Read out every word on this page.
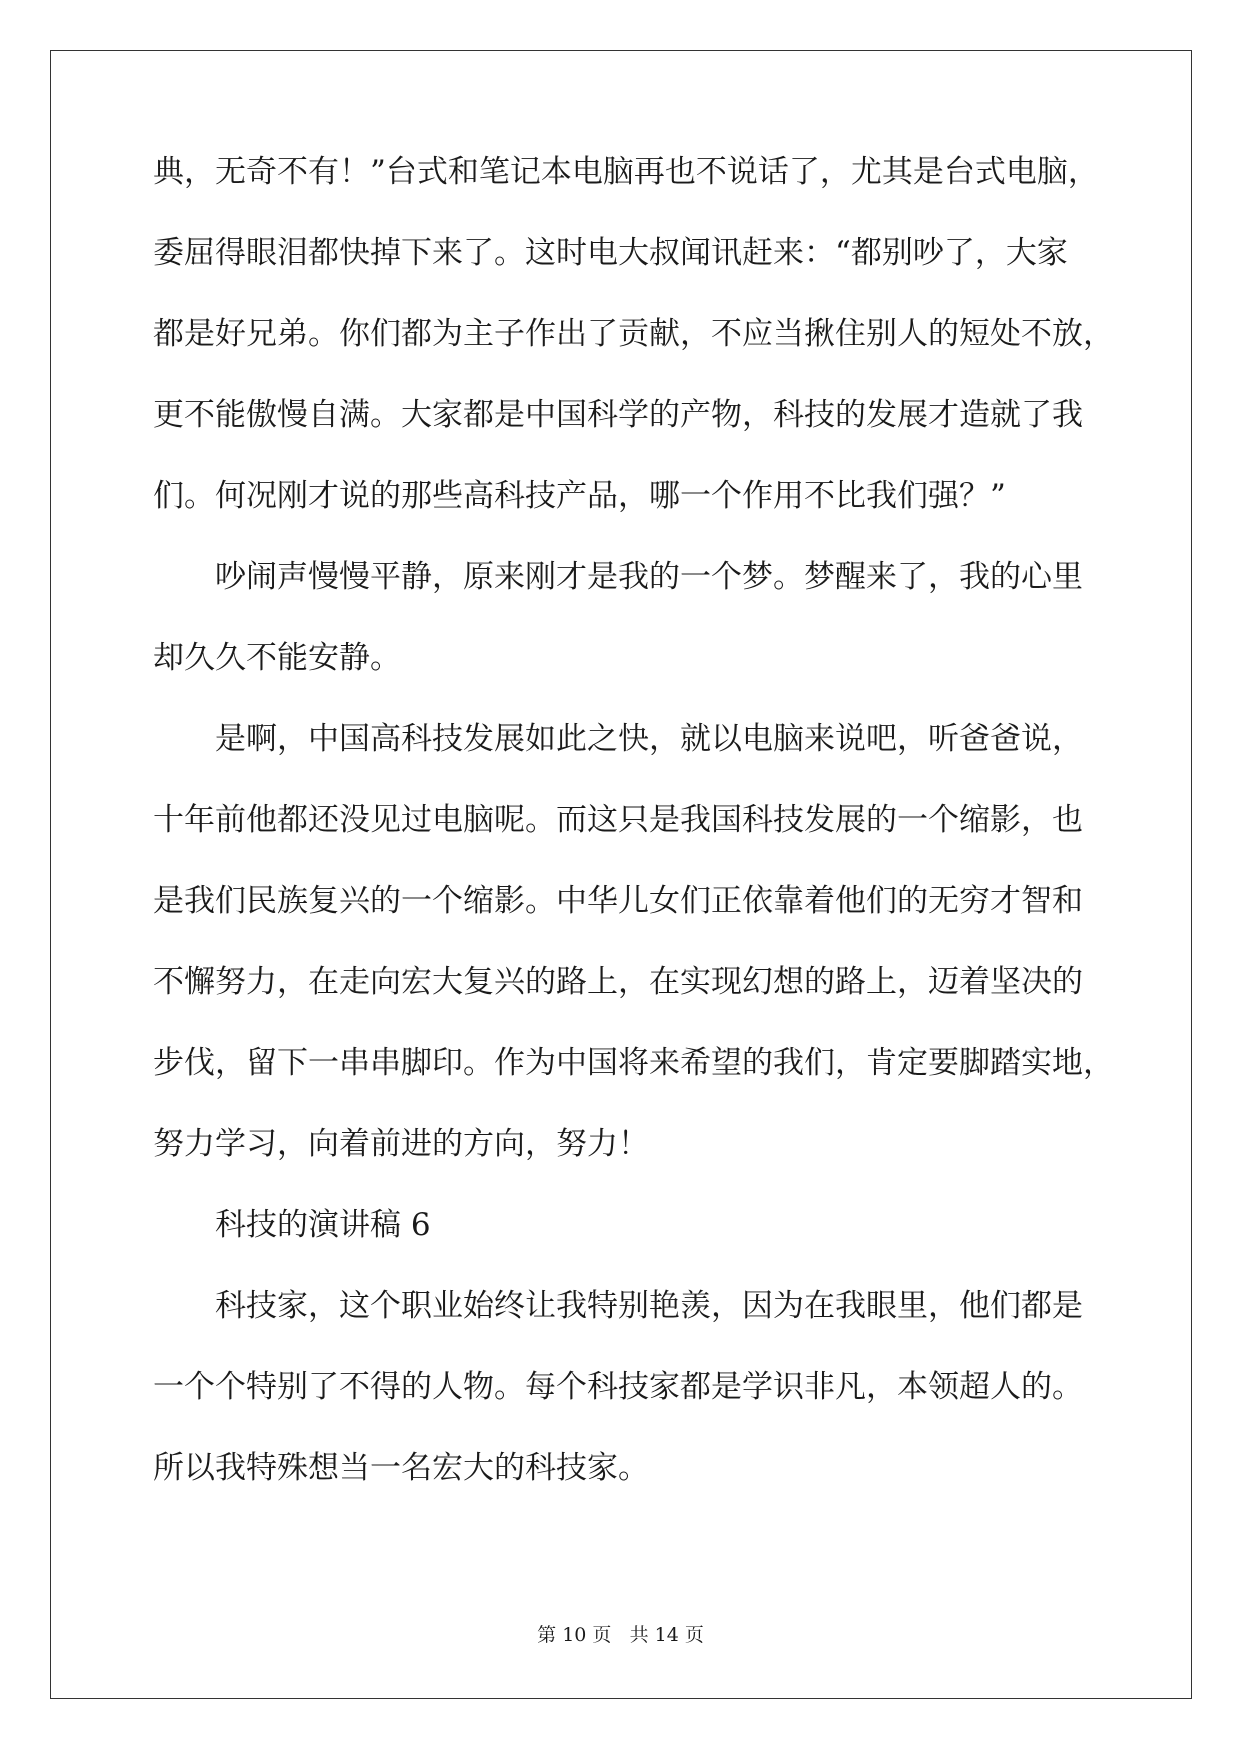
典，无奇不有！”台式和笔记本电脑再也不说话了，尤其是台式电脑，
委屈得眼泪都快掉下来了。这时电大叔闻讯赶来：“都别吵了，大家
都是好兄弟。你们都为主子作出了贡献，不应当揪住别人的短处不放，
更不能傲慢自满。大家都是中国科学的产物，科技的发展才造就了我
们。何况刚才说的那些高科技产品，哪一个作用不比我们强？”
吵闹声慢慢平静，原来刚才是我的一个梦。梦醒来了，我的心里
却久久不能安静。
是啊，中国高科技发展如此之快，就以电脑来说吧，听爸爸说，
十年前他都还没见过电脑呢。而这只是我国科技发展的一个缩影，也
是我们民族复兴的一个缩影。中华儿女们正依靠着他们的无穷才智和
不懈努力，在走向宏大复兴的路上，在实现幻想的路上，迈着坚决的
步伐，留下一串串脚印。作为中国将来希望的我们，肯定要脚踏实地，
努力学习，向着前进的方向，努力！
科技的演讲稿 6
科技家，这个职业始终让我特别艳羡，因为在我眼里，他们都是
一个个特别了不得的人物。每个科技家都是学识非凡，本领超人的。
所以我特殊想当一名宏大的科技家。
第 10 页 共 14 页
